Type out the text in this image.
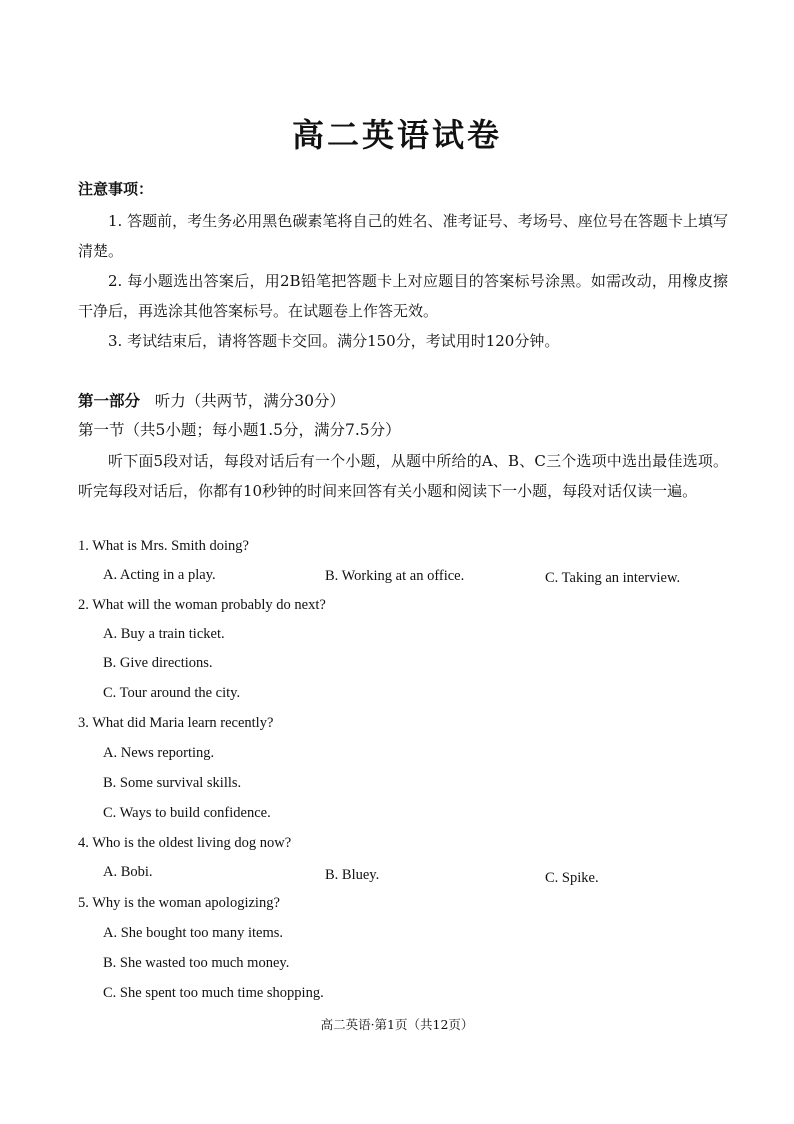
高二英语试卷
注意事项：
1. 答题前，考生务必用黑色碳素笔将自己的姓名、准考证号、考场号、座位号在答题卡上填写清楚。
2. 每小题选出答案后，用2B铅笔把答题卡上对应题目的答案标号涂黑。如需改动，用橡皮擦干净后，再选涂其他答案标号。在试题卷上作答无效。
3. 考试结束后，请将答题卡交回。满分150分，考试用时120分钟。
第一部分 听力（共两节，满分30分）
第一节（共5小题；每小题1.5分，满分7.5分）
听下面5段对话，每段对话后有一个小题，从题中所给的A、B、C三个选项中选出最佳选项。听完每段对话后，你都有10秒钟的时间来回答有关小题和阅读下一小题，每段对话仅读一遍。
1. What is Mrs. Smith doing?
A. Acting in a play.	B. Working at an office.	C. Taking an interview.
2. What will the woman probably do next?
A. Buy a train ticket.
B. Give directions.
C. Tour around the city.
3. What did Maria learn recently?
A. News reporting.
B. Some survival skills.
C. Ways to build confidence.
4. Who is the oldest living dog now?
A. Bobi.	B. Bluey.	C. Spike.
5. Why is the woman apologizing?
A. She bought too many items.
B. She wasted too much money.
C. She spent too much time shopping.
高二英语·第1页（共12页）
